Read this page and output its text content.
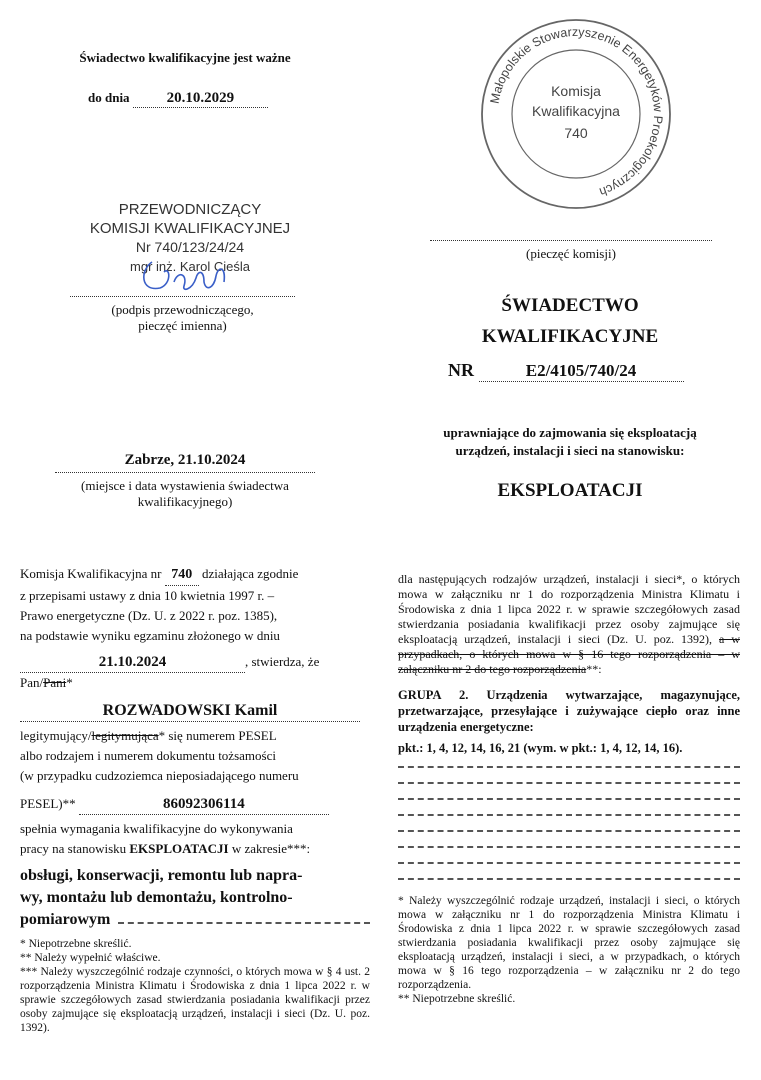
Świadectwo kwalifikacyjne jest ważne
do dnia 20.10.2029
PRZEWODNICZĄCY
KOMISJI KWALIFIKACYJNEJ
Nr 740/123/24/24
mgr inż. Karol Cieśla
(podpis przewodniczącego,
pieczęć imienna)
Zabrze, 21.10.2024
(miejsce i data wystawienia świadectwa
kwalifikacyjnego)
Małopolskie Stowarzyszenie Energetyków Proekologicznych
Komisja
Kwalifikacyjna
740
(pieczęć komisji)
ŚWIADECTWO
KWALIFIKACYJNE
NR	E2/4105/740/24
uprawniające do zajmowania się eksploatacją
urządzeń, instalacji i sieci na stanowisku:
EKSPLOATACJI

Komisja Kwalifikacyjna nr 740 działająca zgodnie

z przepisami ustawy z dnia 10 kwietnia 1997 r. –

Prawo energetyczne (Dz. U. z 2022 r. poz. 1385),

na podstawie wyniku egzaminu złożonego w dniu

21.10.2024	, stwierdza, że Pan/Pani*

ROZWADOWSKI Kamil

legitymujący/legitymująca* się numerem PESEL

albo rodzajem i numerem dokumentu tożsamości

(w przypadku cudzoziemca nieposiadającego numeru

PESEL)**	86092306114

spełnia wymagania kwalifikacyjne do wykonywania

pracy na stanowisku EKSPLOATACJI w zakresie***:

obsługi, konserwacji, remontu lub napra-
wy, montażu lub demontażu, kontrolno-
pomiarowym
* Niepotrzebne skreślić.
** Należy wypełnić właściwe.
*** Należy wyszczególnić rodzaje czynności, o których mowa w § 4 ust. 2 rozporządzenia Ministra Klimatu i Środowiska z dnia 1 lipca 2022 r. w sprawie szczegółowych zasad stwierdzania posiadania kwalifikacji przez osoby zajmujące się eksploatacją urządzeń, instalacji i sieci (Dz. U. poz. 1392).

dla następujących rodzajów urządzeń, instalacji i sieci*, o których mowa w załączniku nr 1 do rozporządzenia Ministra Klimatu i Środowiska z dnia 1 lipca 2022 r. w sprawie szczegółowych zasad stwierdzania posiadania kwalifikacji przez osoby zajmujące się eksploatacją urządzeń, instalacji i sieci (Dz. U. poz. 1392), a w przypadkach, o których mowa w § 16 tego rozporządzenia – w załączniku nr 2 do tego rozporządzenia**:

GRUPA 2. Urządzenia wytwarzające, magazynujące, przetwarzające, przesyłające i zużywające ciepło oraz inne urządzenia energetyczne:

pkt.: 1, 4, 12, 14, 16, 21 (wym. w pkt.: 1, 4, 12, 14, 16).

* Należy wyszczególnić rodzaje urządzeń, instalacji i sieci, o których mowa w załączniku nr 1 do rozporządzenia Ministra Klimatu i Środowiska z dnia 1 lipca 2022 r. w sprawie szczegółowych zasad stwierdzania posiadania kwalifikacji przez osoby zajmujące się eksploatacją urządzeń, instalacji i sieci, a w przypadkach, o których mowa w § 16 tego rozporządzenia – w załączniku nr 2 do tego rozporządzenia.
** Niepotrzebne skreślić.
